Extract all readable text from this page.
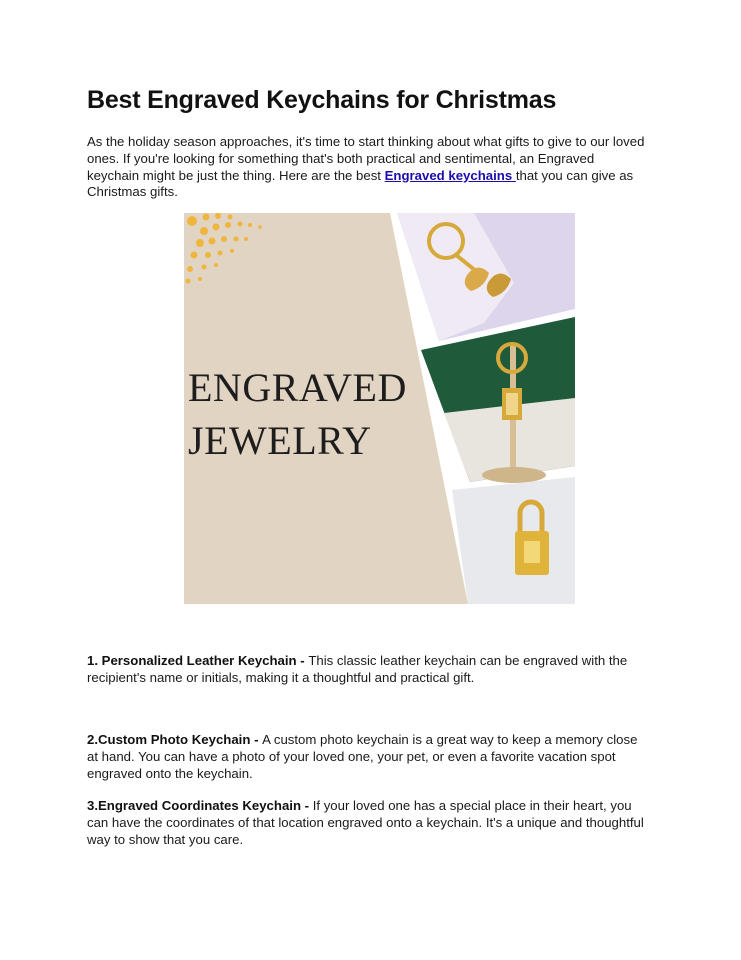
Best Engraved Keychains for Christmas

As the holiday season approaches, it's time to start thinking about what gifts to give to our loved ones. If you're looking for something that's both practical and sentimental, an Engraved keychain might be just the thing. Here are the best Engraved keychains that you can give as Christmas gifts.

ENGRAVED
JEWELRY

1. Personalized Leather Keychain - This classic leather keychain can be engraved with the recipient's name or initials, making it a thoughtful and practical gift.

2.Custom Photo Keychain - A custom photo keychain is a great way to keep a memory close at hand. You can have a photo of your loved one, your pet, or even a favorite vacation spot engraved onto the keychain.

3.Engraved Coordinates Keychain - If your loved one has a special place in their heart, you can have the coordinates of that location engraved onto a keychain. It's a unique and thoughtful way to show that you care.
